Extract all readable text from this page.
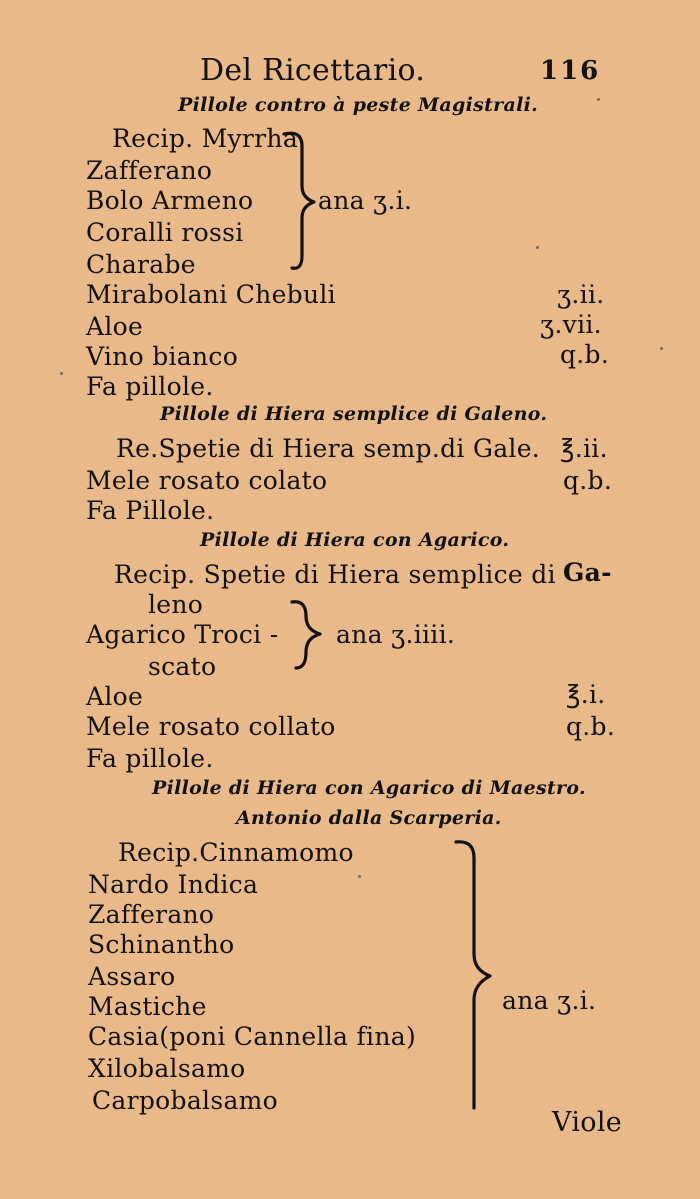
Del Ricettario.	116
Pillole contro à peste Magistrali.
Recip. Myrrha
Zafferano
Bolo Armeno
Coralli rossi
Charabe
ana ʒ.i.
Mirabolani Chebuli	ʒ.ii.
Aloe	ʒ.vii.
Vino bianco	q.b.
Fa pillole.
Pillole di Hiera semplice di Galeno.
Re.Spetie di Hiera semp.di Gale. ℥.ii.
Mele rosato colato	q.b.
Fa Pillole.
Pillole di Hiera con Agarico.
Recip. Spetie di Hiera semplice di Ga-
leno
Agarico Troci -
scato
ana ʒ.iiii.
Aloe	℥.i.
Mele rosato collato	q.b.
Fa pillole.
Pillole di Hiera con Agarico di Maestro.
Antonio dalla Scarperia.
Recip.Cinnamomo
Nardo Indica
Zafferano
Schinantho
Assaro
Mastiche
Casia(poni Cannella fina)
Xilobalsamo
Carpobalsamo
ana ʒ.i.
Viole
